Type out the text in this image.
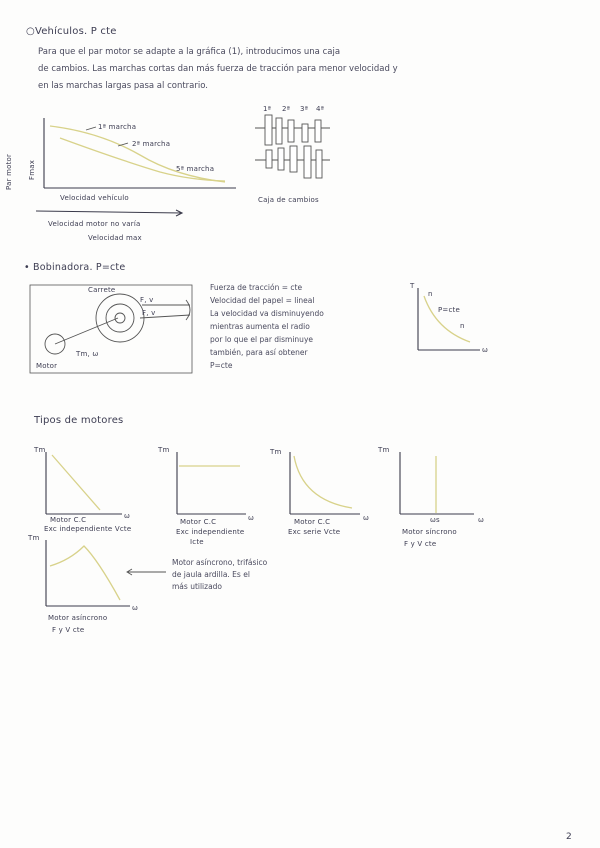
○Vehículos. P cte
Para que el par motor se adapte a la gráfica (1), introducimos una caja
de cambios. Las marchas cortas dan más fuerza de tracción para menor velocidad y
en las marchas largas pasa al contrario.
Par motor Fmax
1ª marcha
2ª marcha
5ª marcha
Velocidad vehículo
Velocidad motor no varía
Velocidad max
1ª 2ª 3ª 4ª
Caja de cambios
• Bobinadora. P=cte
Carrete
F, v
F, v
Tm, ω
Motor
Fuerza de tracción = cte
Velocidad del papel = lineal
La velocidad va disminuyendo
mientras aumenta el radio
por lo que el par disminuye
también, para así obtener
P=cte
T
ω
P=cte
n
n
Tipos de motores
Tm
ω
Motor C.C
Exc independiente Vcte
Tm
ω
Motor C.C
Exc independiente
Icte
Tm
ω
Motor C.C
Exc serie Vcte
Tm
ω
ωs
Motor síncrono
F y V cte
Tm
ω
Motor asíncrono
F y V cte
Motor asíncrono, trifásico
de jaula ardilla. Es el
más utilizado
2
